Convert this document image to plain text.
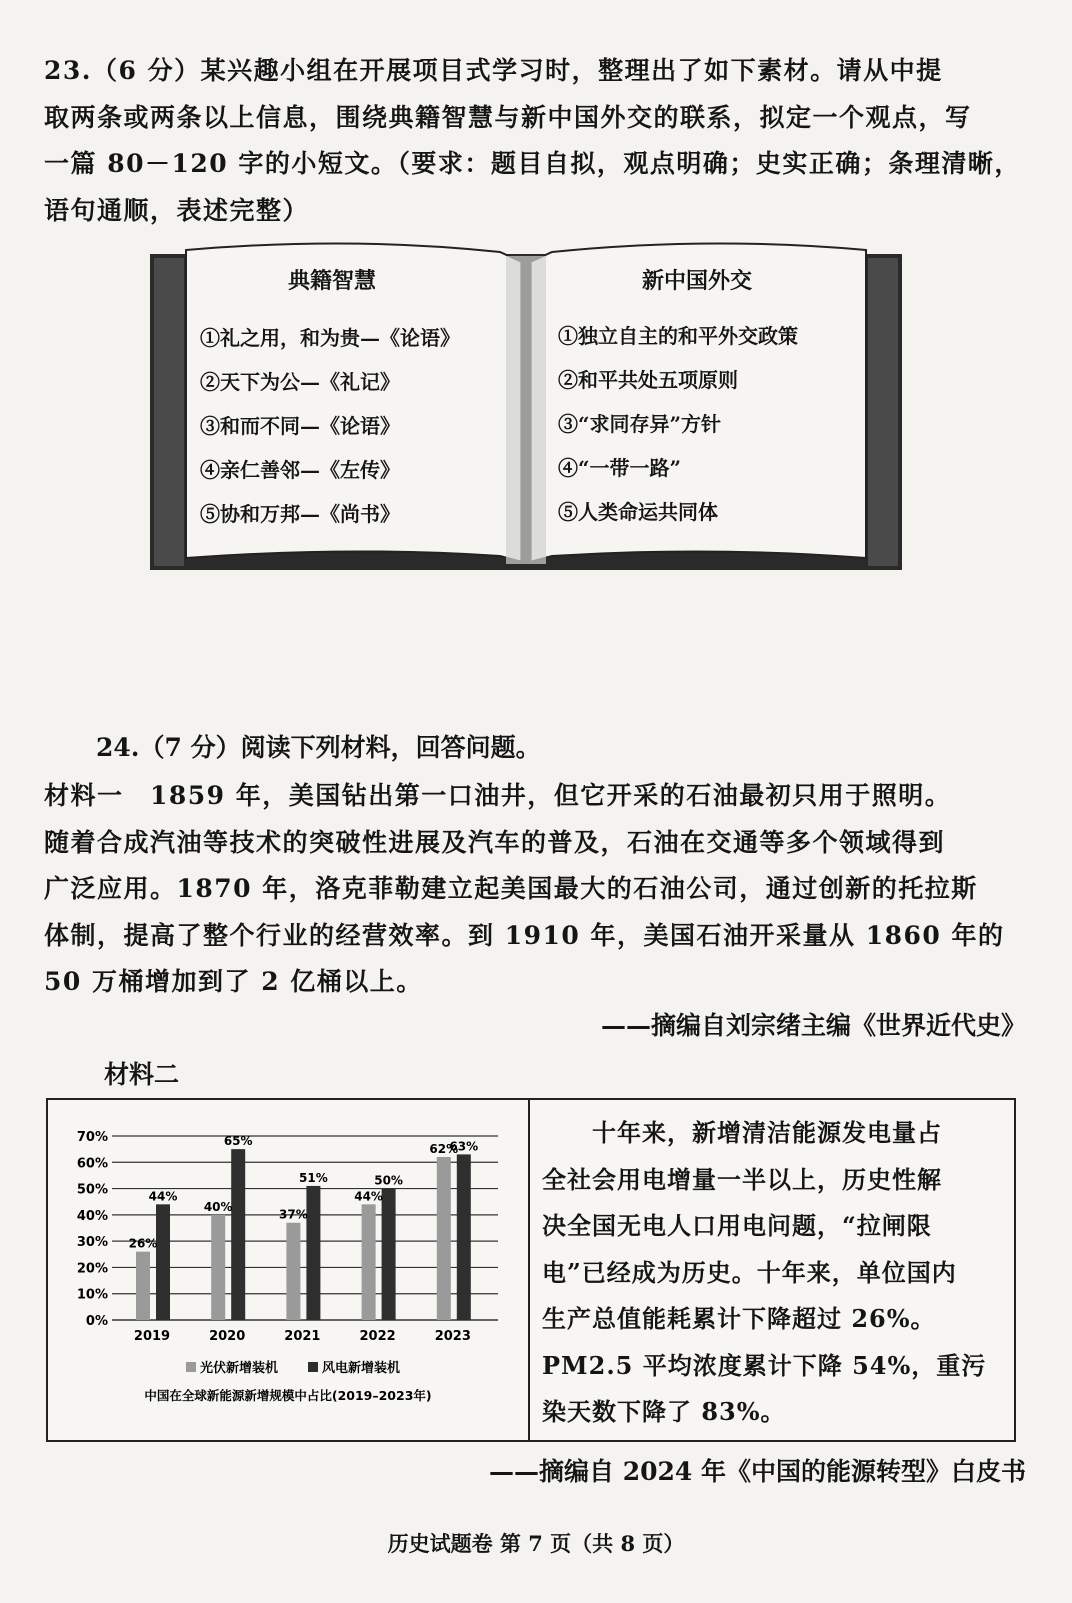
23.（6 分）某兴趣小组在开展项目式学习时，整理出了如下素材。请从中提
取两条或两条以上信息，围绕典籍智慧与新中国外交的联系，拟定一个观点，写
一篇 80－120 字的小短文。（要求：题目自拟，观点明确；史实正确；条理清晰，
语句通顺，表述完整）
典籍智慧	新中国外交
①礼之用，和为贵—《论语》
②天下为公—《礼记》
③和而不同—《论语》
④亲仁善邻—《左传》
⑤协和万邦—《尚书》
①独立自主的和平外交政策
②和平共处五项原则
③“求同存异”方针
④“一带一路”
⑤人类命运共同体
24.（7 分）阅读下列材料，回答问题。
材料一　1859 年，美国钻出第一口油井，但它开采的石油最初只用于照明。
随着合成汽油等技术的突破性进展及汽车的普及，石油在交通等多个领域得到
广泛应用。1870 年，洛克菲勒建立起美国最大的石油公司，通过创新的托拉斯
体制，提高了整个行业的经营效率。到 1910 年，美国石油开采量从 1860 年的
50 万桶增加到了 2 亿桶以上。
——摘编自刘宗绪主编《世界近代史》
材料二
0%
10%
20%
30%
40%
50%
60%
70%
2019
26%
44%
2020
40%
65%
2021
37%
51%
2022
44%
50%
2023
62%
63%
光伏新增装机	风电新增装机
中国在全球新能源新增规模中占比(2019–2023年)
　　十年来，新增清洁能源发电量占
全社会用电增量一半以上，历史性解
决全国无电人口用电问题，“拉闸限
电”已经成为历史。十年来，单位国内
生产总值能耗累计下降超过 26%。
PM2.5 平均浓度累计下降 54%，重污
染天数下降了 83%。
——摘编自 2024 年《中国的能源转型》白皮书
历史试题卷 第 7 页（共 8 页）
